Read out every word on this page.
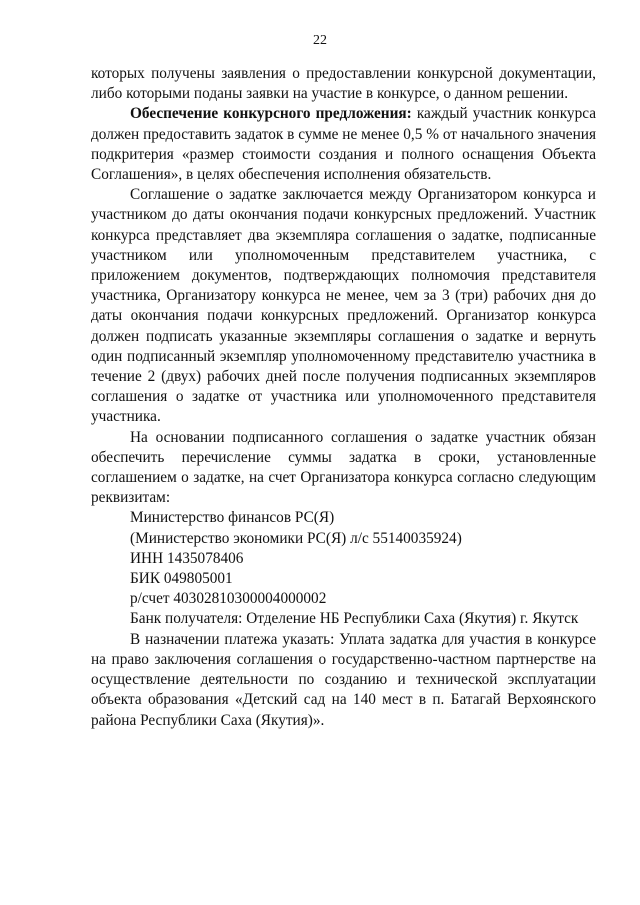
22

которых получены заявления о предоставлении конкурсной документации, либо которыми поданы заявки на участие в конкурсе, о данном решении.

Обеспечение конкурсного предложения: каждый участник конкурса должен предоставить задаток в сумме не менее 0,5 % от начального значения подкритерия «размер стоимости создания и полного оснащения Объекта Соглашения», в целях обеспечения исполнения обязательств.

Соглашение о задатке заключается между Организатором конкурса и участником до даты окончания подачи конкурсных предложений. Участник конкурса представляет два экземпляра соглашения о задатке, подписанные участником или уполномоченным представителем участника, с приложением документов, подтверждающих полномочия представителя участника, Организатору конкурса не менее, чем за 3 (три) рабочих дня до даты окончания подачи конкурсных предложений. Организатор конкурса должен подписать указанные экземпляры соглашения о задатке и вернуть один подписанный экземпляр уполномоченному представителю участника в течение 2 (двух) рабочих дней после получения подписанных экземпляров соглашения о задатке от участника или уполномоченного представителя участника.

На основании подписанного соглашения о задатке участник обязан обеспечить перечисление суммы задатка в сроки, установленные соглашением о задатке, на счет Организатора конкурса согласно следующим реквизитам:

Министерство финансов РС(Я)

(Министерство экономики РС(Я) л/с 55140035924)

ИНН 1435078406

БИК 049805001

р/счет 40302810300004000002

Банк получателя: Отделение НБ Республики Саха (Якутия) г. Якутск

В назначении платежа указать: Уплата задатка для участия в конкурсе на право заключения соглашения о государственно-частном партнерстве на осуществление деятельности по созданию и технической эксплуатации объекта образования «Детский сад на 140 мест в п. Батагай Верхоянского района Республики Саха (Якутия)».
